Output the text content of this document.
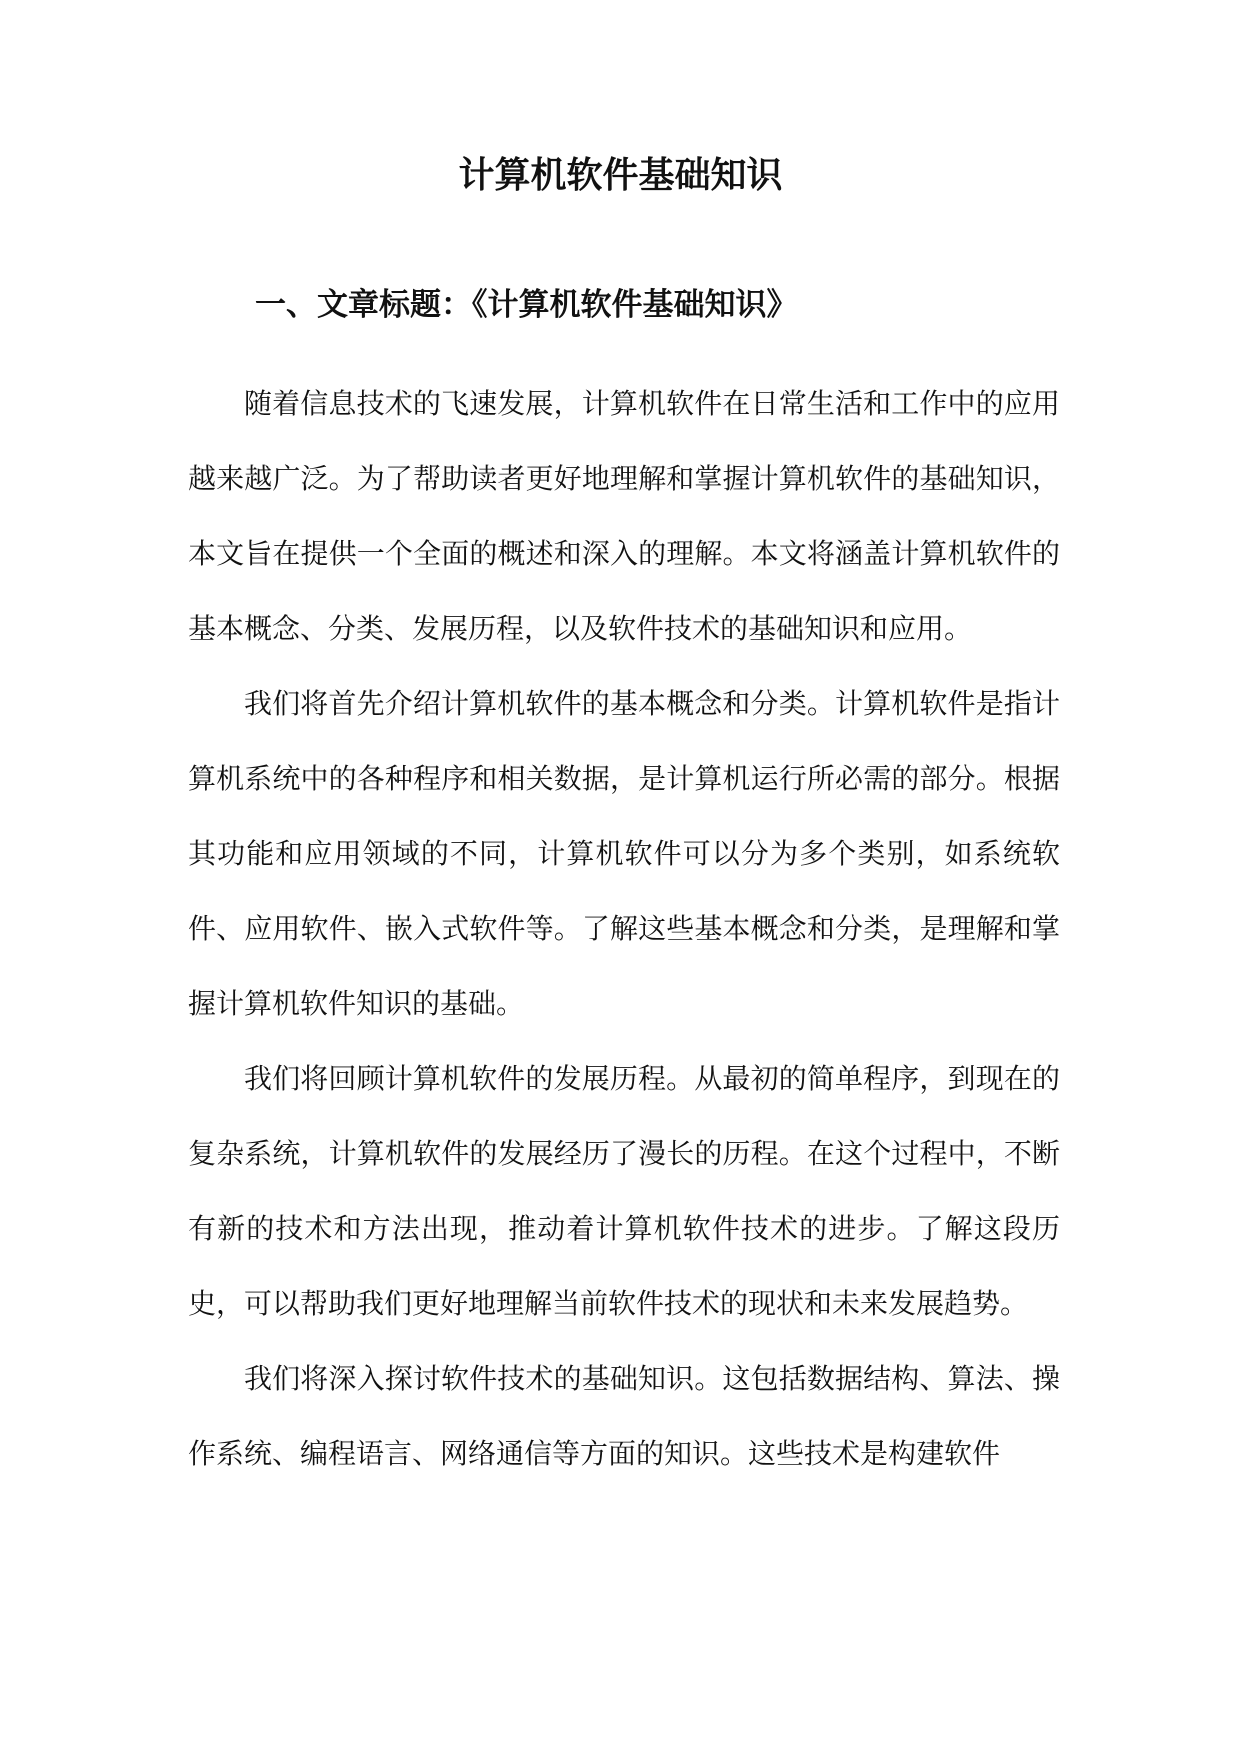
计算机软件基础知识
一、文章标题：《计算机软件基础知识》

随着信息技术的飞速发展，计算机软件在日常生活和工作中的应用越来越广泛。为了帮助读者更好地理解和掌握计算机软件的基础知识，本文旨在提供一个全面的概述和深入的理解。本文将涵盖计算机软件的基本概念、分类、发展历程，以及软件技术的基础知识和应用。

我们将首先介绍计算机软件的基本概念和分类。计算机软件是指计算机系统中的各种程序和相关数据，是计算机运行所必需的部分。根据其功能和应用领域的不同，计算机软件可以分为多个类别，如系统软件、应用软件、嵌入式软件等。了解这些基本概念和分类，是理解和掌握计算机软件知识的基础。

我们将回顾计算机软件的发展历程。从最初的简单程序，到现在的复杂系统，计算机软件的发展经历了漫长的历程。在这个过程中，不断有新的技术和方法出现，推动着计算机软件技术的进步。了解这段历史，可以帮助我们更好地理解当前软件技术的现状和未来发展趋势。

我们将深入探讨软件技术的基础知识。这包括数据结构、算法、操作系统、编程语言、网络通信等方面的知识。这些技术是构建软件
